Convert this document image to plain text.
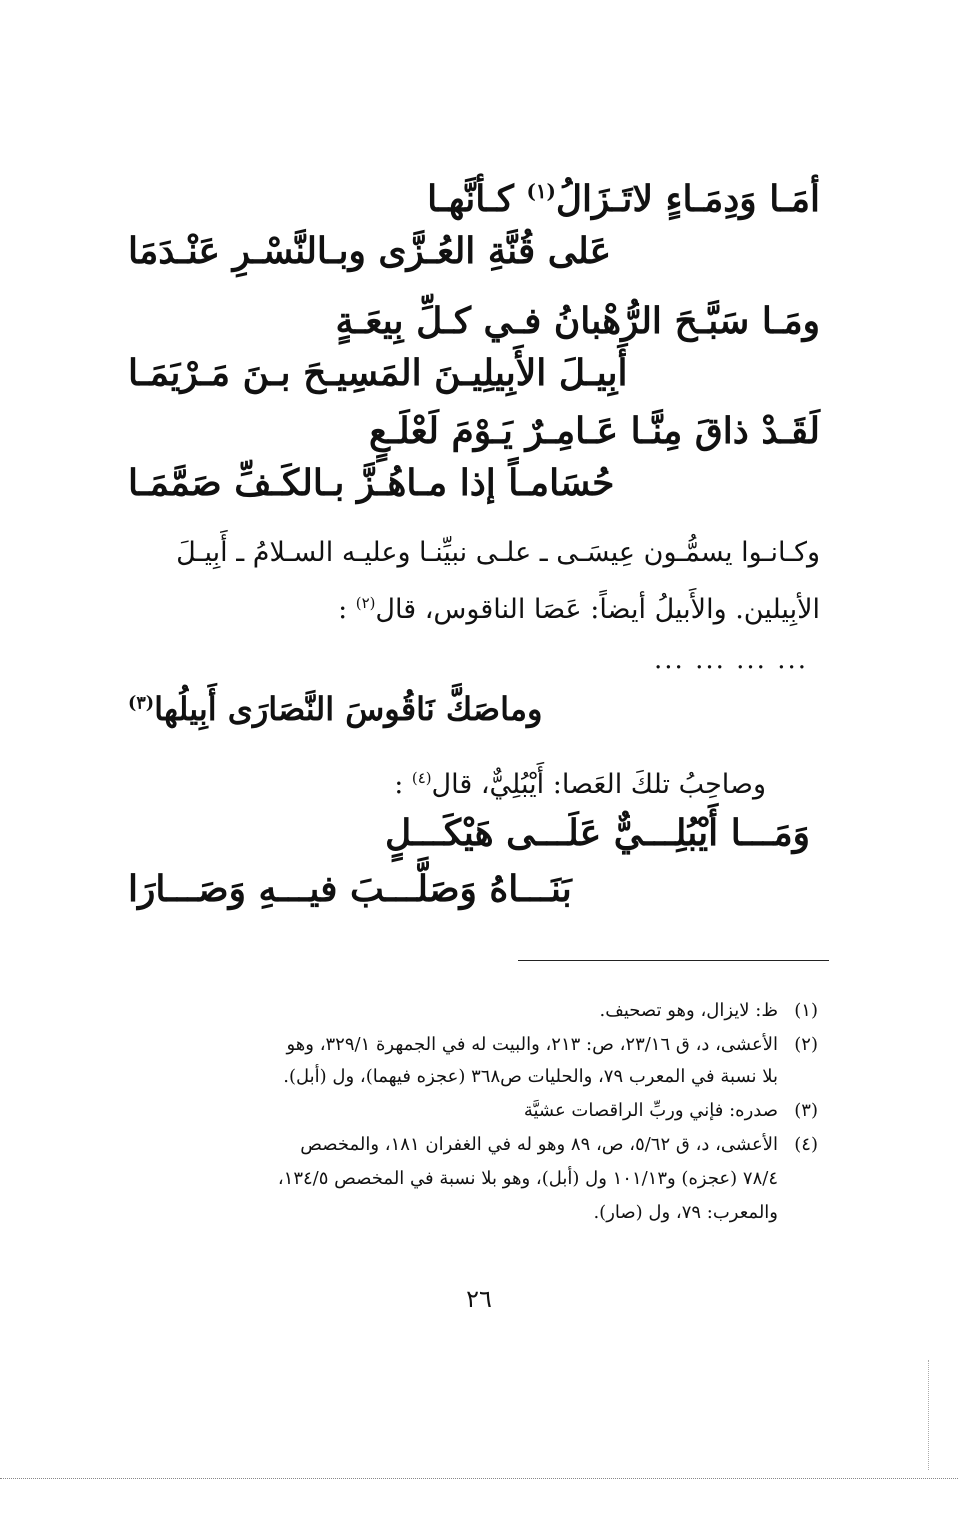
أمَـا وَدِمَـاءٍ لاتَـزَالُ$^{(١)}$ كـأنَّهـا
عَلى قُنَّةِ العُـزَّى وبـالنَّسْـرِ عَنْـدَمَا
ومَـا سَبَّـحَ الرُّهْبانُ فـي كـلِّ بِيعَـةٍ
أَبِيـلَ الأَبِيلِيـنَ المَسِيـحَ بـنَ مَـرْيَمَـا
لَقَـدْ ذاقَ مِنَّـا عَـامِـرٌ يَـوْمَ لَعْلَـعٍ
حُسَامـاً إذا مـاهُـزَّ بـالكَـفِّ صَمَّمَـا
وكـانـوا يسمُّـون عِيسَـى ـ علـى نبيِّنـا وعليـه السـلامُ ـ أَبِيـلَ
الأبِيلين. والأَبيلُ أيضاً: عَصَا الناقوس، قال$^{(٢)}$ :
... ... ... ...
وماصَكَّ نَاقُوسَ النَّصَارَى أَبِيلُها$^{(٣)}$
وصاحِبُ تلكَ العَصا: أَيْبُلِيٌّ، قال$^{(٤)}$ :
وَمَـــا أَيْبُلِـــيٌّ عَلَـــى هَيْكَـــلٍ
بَنَـــاهُ وَصَلَّـــبَ فيـــهِ وَصَـــارَا
(١)ظ: لايزال، وهو تصحيف.
(٢)الأعشى، د، ق ٢٣/١٦، ص: ٢١٣، والبيت له في الجمهرة ٣٢٩/١، وهو
بلا نسبة في المعرب ٧٩، والحليات ص٣٦٨ (عجزه فيهما)، ول (أبل).
(٣)صدره: فإني وربِّ الراقصات عشيَّة
(٤)الأعشى، د، ق ٥/٦٢، ص، ٨٩ وهو له في الغفران ١٨١، والمخصص
٧٨/٤ (عجزه) و١٠١/١٣ ول (أبل)، وهو بلا نسبة في المخصص ١٣٤/٥،
والمعرب: ٧٩، ول (صار).
٢٦
